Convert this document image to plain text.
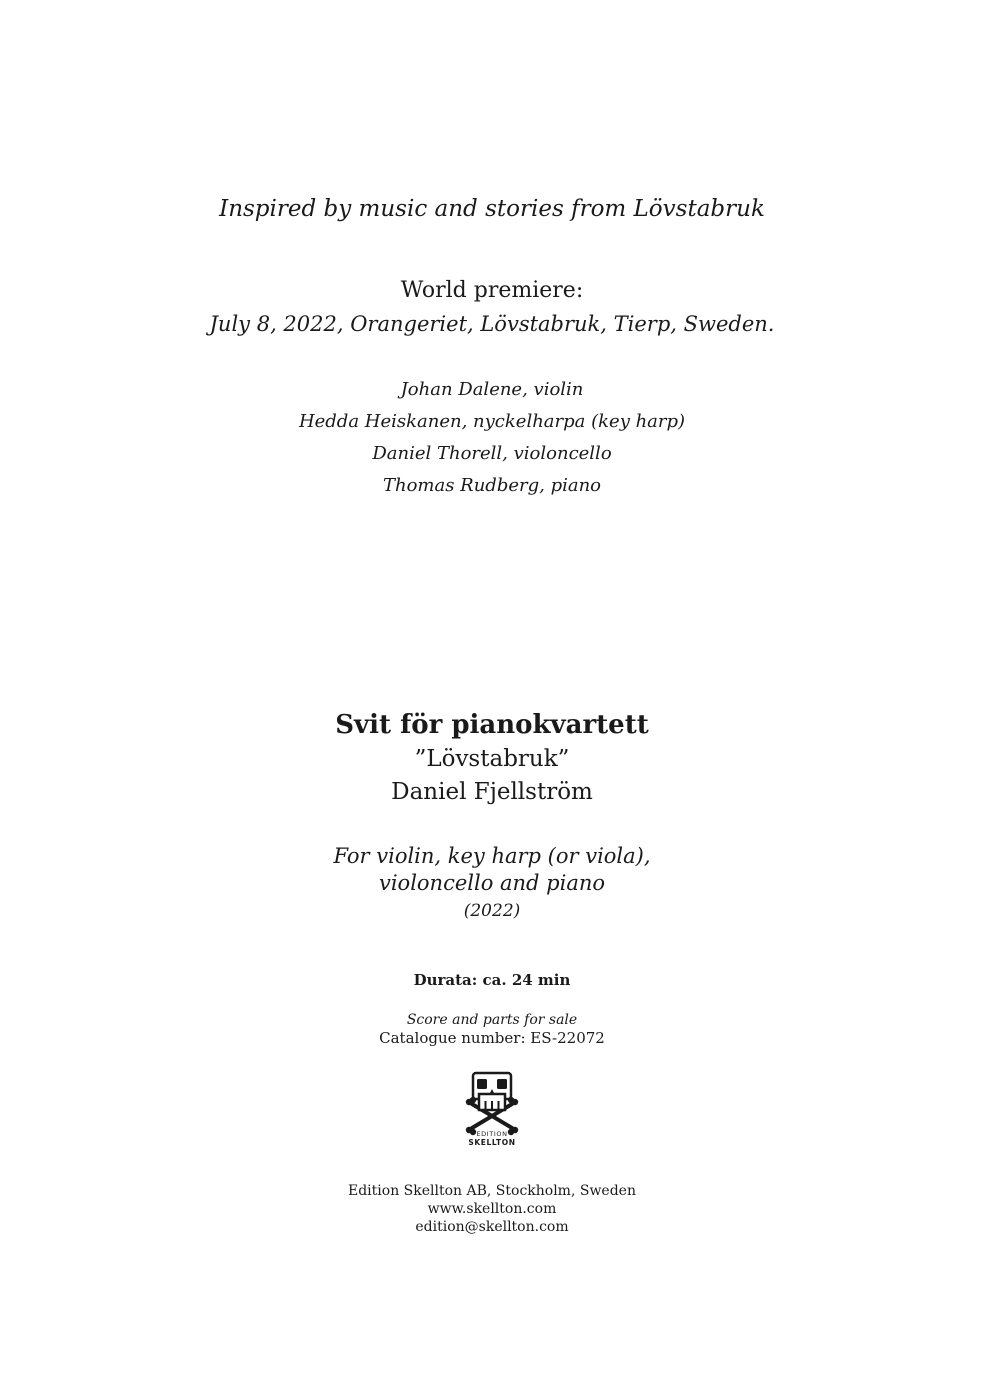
Inspired by music and stories from Lövstabruk
World premiere:
July 8, 2022, Orangeriet, Lövstabruk, Tierp, Sweden.
Johan Dalene, violin
Hedda Heiskanen, nyckelharpa (key harp)
Daniel Thorell, violoncello
Thomas Rudberg, piano
Svit för pianokvartett
”Lövstabruk”
Daniel Fjellström
For violin, key harp (or viola),
violoncello and piano
(2022)
Durata: ca. 24 min
Score and parts for sale
Catalogue number: ES-22072
EDITION
SKELLTON
Edition Skellton AB, Stockholm, Sweden
www.skellton.com
edition@skellton.com
